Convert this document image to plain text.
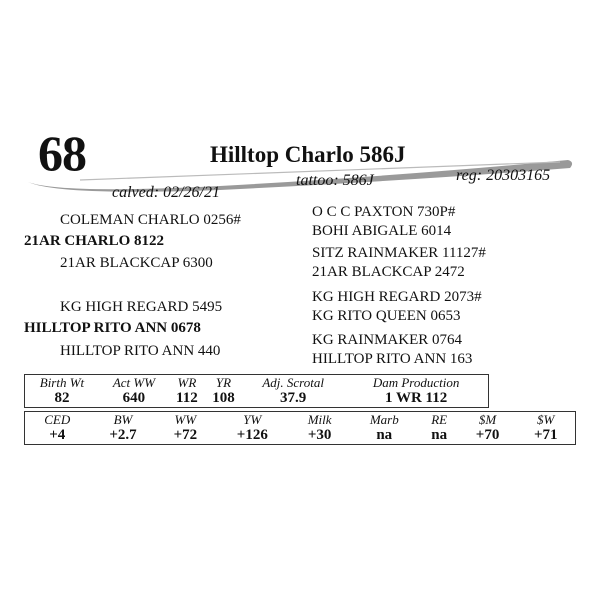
68	Hilltop Charlo 586J
calved: 02/26/21
tattoo: 586J	reg: 20303165
COLEMAN CHARLO 0256#
21AR CHARLO 8122
21AR BLACKCAP 6300
KG HIGH REGARD 5495
HILLTOP RITO ANN 0678
HILLTOP RITO ANN 440
O C C PAXTON 730P#
BOHI ABIGALE 6014
SITZ RAINMAKER 11127#
21AR BLACKCAP 2472
KG HIGH REGARD 2073#
KG RITO QUEEN 0653
KG RAINMAKER 0764
HILLTOP RITO ANN 163
Birth Wt	Act WW	WR	YR	Adj. Scrotal	Dam Production
82	640	112	108	37.9	1 WR 112
CED	BW	WW	YW	Milk	Marb	RE	$M	$W
+4	+2.7	+72	+126	+30	na	na	+70	+71
